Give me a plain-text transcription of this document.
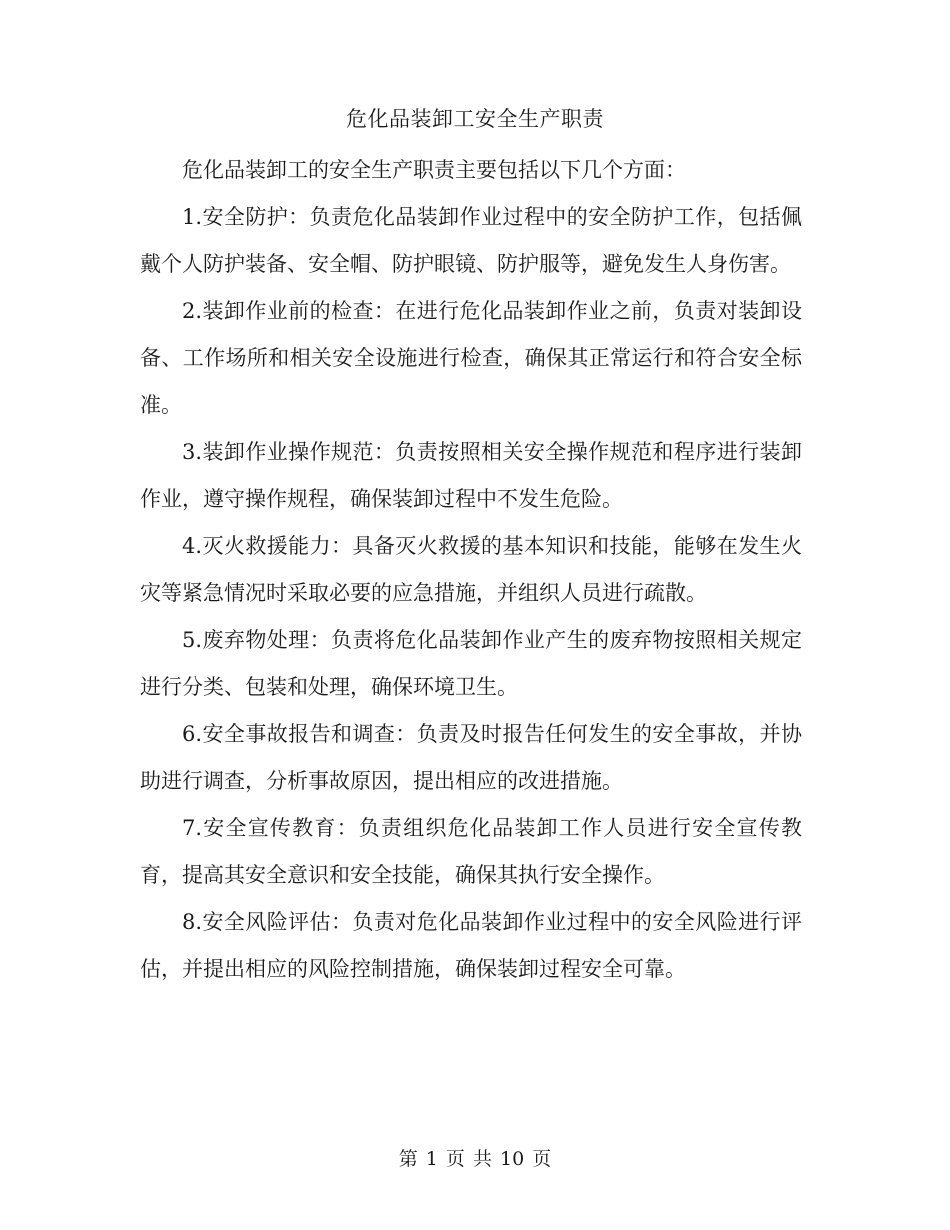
危化品装卸工安全生产职责

危化品装卸工的安全生产职责主要包括以下几个方面：

1.安全防护：负责危化品装卸作业过程中的安全防护工作，包括佩戴个人防护装备、安全帽、防护眼镜、防护服等，避免发生人身伤害。

2.装卸作业前的检查：在进行危化品装卸作业之前，负责对装卸设备、工作场所和相关安全设施进行检查，确保其正常运行和符合安全标准。

3.装卸作业操作规范：负责按照相关安全操作规范和程序进行装卸作业，遵守操作规程，确保装卸过程中不发生危险。

4.灭火救援能力：具备灭火救援的基本知识和技能，能够在发生火灾等紧急情况时采取必要的应急措施，并组织人员进行疏散。

5.废弃物处理：负责将危化品装卸作业产生的废弃物按照相关规定进行分类、包装和处理，确保环境卫生。

6.安全事故报告和调查：负责及时报告任何发生的安全事故，并协助进行调查，分析事故原因，提出相应的改进措施。

7.安全宣传教育：负责组织危化品装卸工作人员进行安全宣传教育，提高其安全意识和安全技能，确保其执行安全操作。

8.安全风险评估：负责对危化品装卸作业过程中的安全风险进行评估，并提出相应的风险控制措施，确保装卸过程安全可靠。

第 1 页 共 10 页
